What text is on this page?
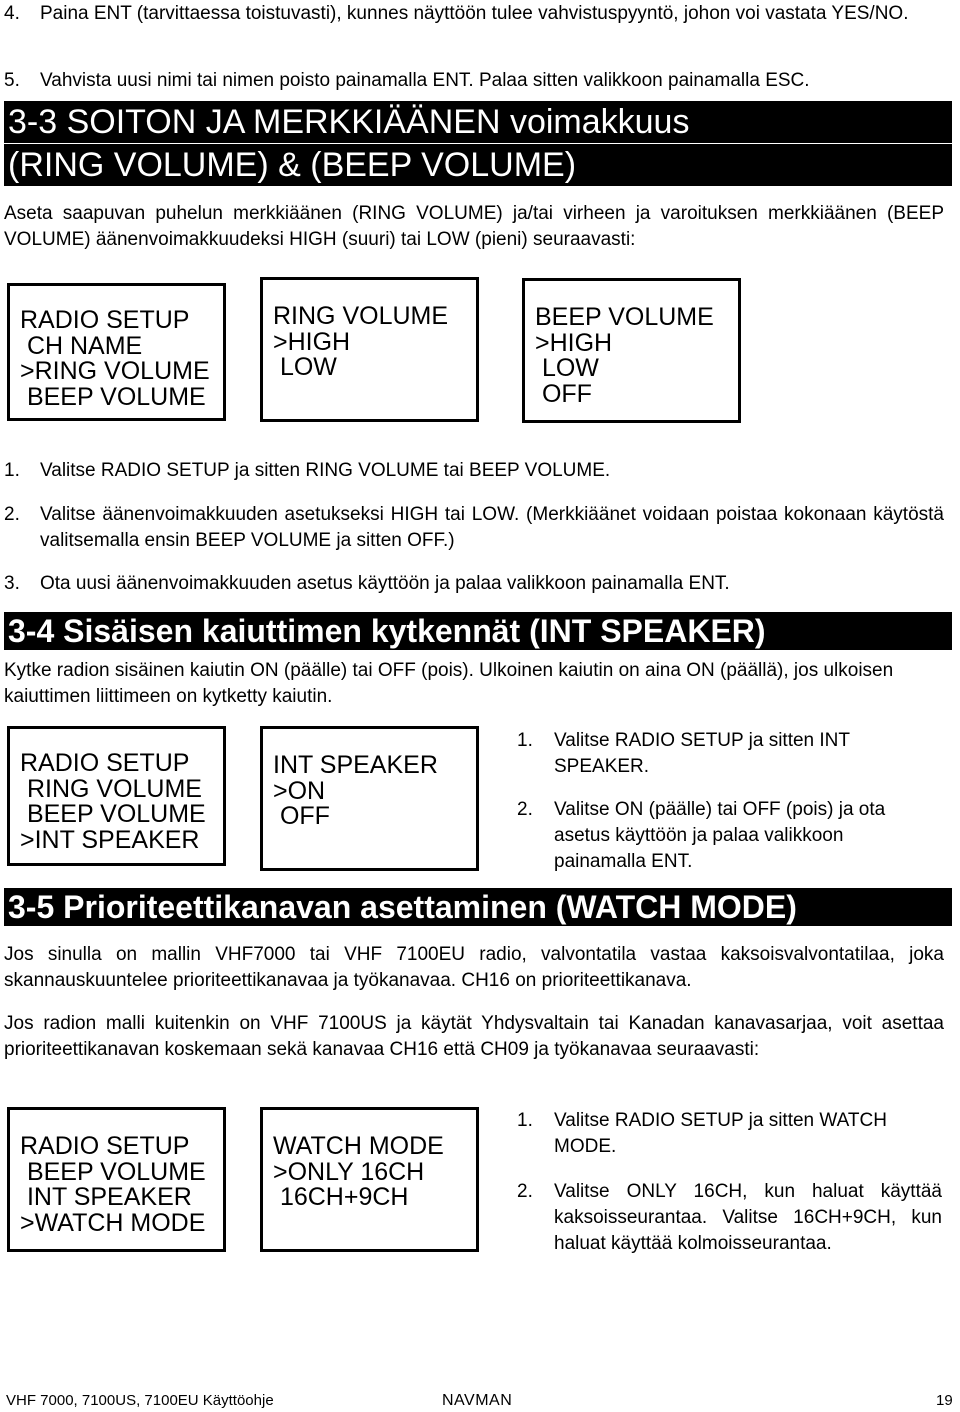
4.	Paina ENT (tarvittaessa toistuvasti), kunnes näyttöön tulee vahvistuspyyntö, johon voi vastata YES/NO.
5.	Vahvista uusi nimi tai nimen poisto painamalla ENT. Palaa sitten valikkoon painamalla ESC.
3-3 SOITON JA MERKKIÄÄNEN voimakkuus
(RING VOLUME) & (BEEP VOLUME)
Aseta saapuvan puhelun merkkiäänen (RING VOLUME) ja/tai virheen ja varoituksen merkkiäänen (BEEP VOLUME) äänenvoimakkuudeksi HIGH (suuri) tai LOW (pieni) seuraavasti:
RADIO SETUP
CH NAME
>RING VOLUME
BEEP VOLUME
RING VOLUME
>HIGH
LOW
BEEP VOLUME
>HIGH
LOW
OFF
1.	Valitse RADIO SETUP ja sitten RING VOLUME tai BEEP VOLUME.
2.	Valitse äänenvoimakkuuden asetukseksi HIGH tai LOW. (Merkkiäänet voidaan poistaa kokonaan käytöstä valitsemalla ensin BEEP VOLUME ja sitten OFF.)
3.	Ota uusi äänenvoimakkuuden asetus käyttöön ja palaa valikkoon painamalla ENT.
3-4 Sisäisen kaiuttimen kytkennät (INT SPEAKER)
Kytke radion sisäinen kaiutin ON (päälle) tai OFF (pois). Ulkoinen kaiutin on aina ON (päällä), jos ulkoisen kaiuttimen liittimeen on kytketty kaiutin.
RADIO SETUP
RING VOLUME
BEEP VOLUME
>INT SPEAKER
INT SPEAKER
>ON
OFF
1.	Valitse RADIO SETUP ja sitten INT SPEAKER.
2.	Valitse ON (päälle) tai OFF (pois) ja ota asetus käyttöön ja palaa valikkoon painamalla ENT.
3-5 Prioriteettikanavan asettaminen (WATCH MODE)
Jos sinulla on mallin VHF7000 tai VHF 7100EU radio, valvontatila vastaa kaksoisvalvontatilaa, joka skannauskuuntelee prioriteettikanavaa ja työkanavaa. CH16 on prioriteettikanava.
Jos radion malli kuitenkin on VHF 7100US ja käytät Yhdysvaltain tai Kanadan kanavasarjaa, voit asettaa prioriteettikanavan koskemaan sekä kanavaa CH16 että CH09 ja työkanavaa seuraavasti:
RADIO SETUP
BEEP VOLUME
INT SPEAKER
>WATCH MODE
WATCH MODE
>ONLY 16CH
16CH+9CH
1.	Valitse RADIO SETUP ja sitten WATCH MODE.
2.	Valitse ONLY 16CH, kun haluat käyttää kaksoisseurantaa. Valitse 16CH+9CH, kun haluat käyttää kolmoisseurantaa.
VHF 7000, 7100US, 7100EU Käyttöohje	NAVMAN	19
